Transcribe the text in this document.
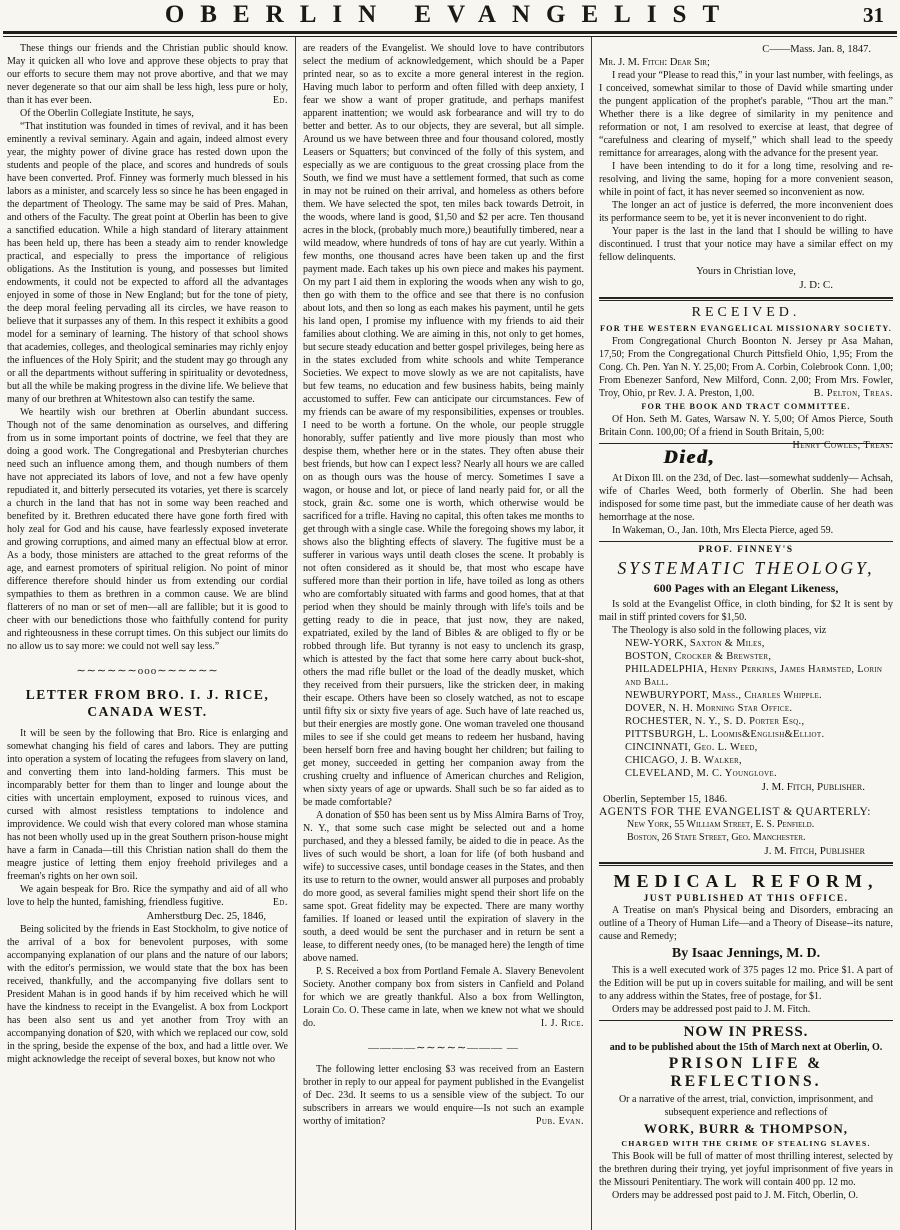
OBERLIN EVANGELIST	31

These things our friends and the Christian public should know. May it quicken all who love and approve these objects to pray that our efforts to secure them may not prove abortive, and that we may never degenerate so that our aim shall be less high, less pure or holy, than it has ever been.	Ed.

Of the Oberlin Collegiate Institute, he says,

“That institution was founded in times of revival, and it has been eminently a revival seminary. Again and again, indeed almost every year, the mighty power of divine grace has rested down upon the students and people of the place, and scores and hundreds of souls have been converted. Prof. Finney was formerly much blessed in his labors as a minister, and scarcely less so since he has been engaged in the department of Theology. The same may be said of Pres. Mahan, and others of the Faculty. The great point at Oberlin has been to give a sanctified education. While a high standard of literary attainment has been held up, there has been a steady aim to render knowledge practical, and especially to press the importance of religious obligations. As the Institution is young, and possesses but limited endowments, it could not be expected to afford all the advantages enjoyed in some of those in New England; but for the tone of piety, the deep moral feeling pervading all its circles, we have reason to believe that it surpasses any of them. In this respect it exhibits a good model for a seminary of learning. The history of that school shows that academies, colleges, and theological seminaries may richly enjoy the influences of the Holy Spirit; and the student may go through any or all the departments without suffering in spirituality or devotedness, but all the while be making progress in the divine life. We believe that many of our brethren at Whitestown also can testify the same.

We heartily wish our brethren at Oberlin abundant success. Though not of the same denomination as ourselves, and differing from us in some important points of doctrine, we feel that they are doing a good work. The Congregational and Presbyterian churches need such an influence among them, and though numbers of them have not appreciated its labors of love, and not a few have openly repudiated it, and bitterly persecuted its votaries, yet there is scarcely a church in the land that has not in some way been reached and benefited by it. Brethren educated there have gone forth fired with holy zeal for God and his cause, have fearlessly exposed inveterate and growing corruptions, and aimed many an effectual blow at error. As a body, those ministers are attached to the great reforms of the age, and earnest promoters of spiritual religion. No point of minor difference therefore should hinder us from extending our cordial sympathies to them as brethren in a common cause. We are blind flatterers of no man or set of men—all are fallible; but it is good to cheer with our benedictions those who faithfully contend for purity and righteousness in these corrupt times. On this subject our limits do no allow us to say more: we could not well say less.”

∼∼∼∼∼∼ooo∼∼∼∼∼∼
LETTER FROM BRO. I. J. RICE, CANADA WEST.

It will be seen by the following that Bro. Rice is enlarging and somewhat changing his field of cares and labors. They are putting into operation a system of locating the refugees from slavery on land, and converting them into land-holding farmers. This must be incomparably better for them than to linger and lounge about the cities with uncertain employment, exposed to ruinous vices, and cursed with almost resistless temptations to indolence and improvidence. We could wish that every colored man whose stamina has not been wholly used up in the great Southern prison-house might have a farm in Canada—till this Christian nation shall do them the meagre justice of letting them enjoy freehold privileges and a freeman's rights on her own soil.

We again bespeak for Bro. Rice the sympathy and aid of all who love to help the hunted, famishing, friendless fugitive.	Ed.

Amherstburg Dec. 25, 1846,

Being solicited by the friends in East Stockholm, to give notice of the arrival of a box for benevolent purposes, with some accompanying explanation of our plans and the nature of our labors; with the editor's permission, we would state that the box has been received, thankfully, and the accompanying five dollars sent to President Mahan is in good hands if by him received which he will have the kindness to receipt in the Evangelist. A box from Lockport has been also sent us and yet another from Troy with an accompanying donation of $20, with which we replaced our cow, sold in the spring, beside the expense of the box, and had a little over. We might acknowledge the receipt of several boxes, but know not who

are readers of the Evangelist. We should love to have contributors select the medium of acknowledgement, which should be a Paper printed near, so as to excite a more general interest in the region. Having much labor to perform and often filled with deep anxiety, I fear we show a want of proper gratitude, and perhaps manifest apparent inattention; we would ask forbearance and will try to do better and better. As to our objects, they are several, but all simple. Around us we have between three and four thousand colored, mostly Leasers or Squatters; but convinced of the folly of this system, and especially as we are contiguous to the great crossing place from the South, we find we must have a settlement formed, that such as come in may not be ruined on their arrival, and homeless as others before them. We have selected the spot, ten miles back towards Detroit, in the woods, where land is good, $1,50 and $2 per acre. Ten thousand acres in the block, (probably much more,) beautifully timbered, near a wild meadow, where hundreds of tons of hay are cut yearly. Within a few months, one thousand acres have been taken up and the first payment made. Each takes up his own piece and makes his payment. On my part I aid them in exploring the woods when any wish to go, then go with them to the office and see that there is no confusion about lots, and then so long as each makes his payment, until he gets his land open, I promise my influence with my friends to aid their families about clothing. We are aiming in this, not only to get homes, but secure steady education and better gospel privileges, being here as in the states excluded from white schools and white Temperance Societies. We expect to move slowly as we are not capitalists, have but few teams, no education and few business habits, being mainly accustomed to suffer. Few can anticipate our circumstances. Few of my friends can be aware of my responsibilities, expenses or troubles. I need to be worth a fortune. On the whole, our people struggle honorably, suffer patiently and live more piously than most who despise them, whether here or in the states. They often abuse their best friends, but how can I expect less? Nearly all hours we are called on as though ours was the house of mercy. Sometimes I save a wagon, or house and lot, or piece of land nearly paid for, or all the stock, grain &c. some one is worth, which otherwise would be sacrificed for a trifle. Having no capital, this often takes me months to get through with a single case. While the foregoing shows my labor, it shows also the blighting effects of slavery. The fugitive must be a sufferer in various ways until death closes the scene. It probably is not often considered as it should be, that most who escape have suffered more than their portion in life, have toiled as long as others who are comfortably situated with farms and good homes, that at that period when they should be mainly through with life's toils and be getting ready to die in peace, that just now, they are naked, expatriated, exiled by the land of Bibles & are obliged to fly or be robbed through life. But tyranny is not easy to unclench its grasp, which is attested by the fact that some here carry about buck-shot, others the mad rifle bullet or the load of the deadly musket, which they received from their pursuers, like the stricken deer, in making their escape. Others have been so closely watched, as not to escape until fifty six or sixty five years of age. Such have of late reached us, but their energies are mostly gone. One woman traveled one thousand miles to see if she could get means to redeem her husband, having been herself born free and having bought her children; but failing to get money, succeeded in getting her companion away from the crushing cruelty and influence of American churches and Religion, when sixty years of age or upwards. Shall such be so far aided as to be made comfortable?

A donation of $50 has been sent us by Miss Almira Barns of Troy, N. Y., that some such case might be selected out and a home purchased, and they a blessed family, be aided to die in peace. As the lives of such would be short, a loan for life (of both husband and wife) to successive cases, until bondage ceases in the States, and then its use to return to the owner, would answer all purposes and probably do more good, as several families might spend their short life on the same spot. Great fidelity may be expected. There are many worthy families. If loaned or leased until the expiration of slavery in the south, a deed would be sent the purchaser and in return be sent a lease, to different needy ones, (to be managed here) the length of time above named.

P. S. Received a box from Portland Female A. Slavery Benevolent Society. Another company box from sisters in Canfield and Poland for which we are greatly thankful. Also a box from Wellington, Lorain Co. O. These came in late, when we knew not what we should do.	I. J. Rice.

————∼∼∼∼∼——— —

The following letter enclosing $3 was received from an Eastern brother in reply to our appeal for payment published in the Evangelist of Dec. 23d. It seems to us a sensible view of the subject. To our subscribers in arrears we would enquire—Is not such an example worthy of imitation?	Pub. Evan.

C——Mass. Jan. 8, 1847.

Mr. J. M. Fitch: Dear Sir;

I read your “Please to read this,” in your last number, with feelings, as I conceived, somewhat similar to those of David while smarting under the pungent application of the prophet's parable, “Thou art the man.” Whether there is a like degree of similarity in my penitence and reformation or not, I am resolved to exercise at least, that degree of “carefulness and clearing of myself,” which shall lead to the speedy remittance for arrearages, along with the advance for the present year.

I have been intending to do it for a long time, resolving and re-resolving, and living the same, hoping for a more convenient season, while in point of fact, it has never seemed so inconvenient as now.

The longer an act of justice is deferred, the more inconvenient does its performance seem to be, yet it is never inconvenient to do right.

Your paper is the last in the land that I should be willing to have discontinued. I trust that your notice may have a similar effect on my fellow delinquents.

Yours in Christian love,

J. D: C.

RECEIVED.
FOR THE WESTERN EVANGELICAL MISSIONARY SOCIETY.

From Congregational Church Boonton N. Jersey pr Asa Mahan, 17,50; From the Congregational Church Pittsfield Ohio, 1,95; From the Cong. Ch. Pen. Yan N. Y. 25,00; From A. Corbin, Colebrook Conn. 1,00; From Ebenezer Sanford, New Milford, Conn. 2,00; From Mrs. Fowler, Troy, Ohio, pr Rev. J. A. Preston, 1,00.	B. Pelton, Treas.

FOR THE BOOK AND TRACT COMMITTEE.

Of Hon. Seth M. Gates, Warsaw N. Y. 5,00; Of Amos Pierce, South Britain Conn. 100,00; Of a friend in South Britain, 5,00:
Henry Cowles, Treas.

Died,

At Dixon Ill. on the 23d, of Dec. last—somewhat suddenly— Achsah, wife of Charles Weed, both formerly of Oberlin. She had been indisposed for some time past, but the immediate cause of her death was hemorrhage at the nose.

In Wakeman, O., Jan. 10th, Mrs Electa Pierce, aged 59.

PROF. FINNEY'S
SYSTEMATIC THEOLOGY,
600 Pages with an Elegant Likeness,

Is sold at the Evangelist Office, in cloth binding, for $2 It is sent by mail in stiff printed covers for $1,50.

The Theology is also sold in the following places, viz

NEW-YORK, Saxton & Miles,
BOSTON, Crocker & Brewster,
PHILADELPHIA, Henry Perkins, James Harmsted, Lorin and Ball.
NEWBURYPORT, Mass., Charles Whipple.
DOVER, N. H. Morning Star Office.
ROCHESTER, N. Y., S. D. Porter Esq.,
PITTSBURGH, L. Loomis&English&Elliot.
CINCINNATI, Geo. L. Weed,
CHICAGO, J. B. Walker,
CLEVELAND, M. C. Younglove.
J. M. Fitch, Publisher.
Oberlin, September 15, 1846.
AGENTS FOR THE EVANGELIST & QUARTERLY:
New York, 55 William Street, E. S. Penfield.
Boston, 26 State Street, Geo. Manchester.
J. M. Fitch, Publisher
MEDICAL REFORM,
JUST PUBLISHED AT THIS OFFICE.

A Treatise on man's Physical being and Disorders, embracing an outline of a Theory of Human Life—and a Theory of Disease--its nature, cause and Remedy;

By Isaac Jennings, M. D.

This is a well executed work of 375 pages 12 mo. Price $1. A part of the Edition will be put up in covers suitable for mailing, and will be sent to any address within the States, free of postage, for $1.

Orders may be addressed post paid to J. M. Fitch.

NOW IN PRESS.
and to be published about the 15th of March next at Oberlin, O.
PRISON LIFE & REFLECTIONS.

Or a narrative of the arrest, trial, conviction, imprisonment, and subsequent experience and reflections of

WORK, BURR & THOMPSON,
CHARGED WITH THE CRIME OF STEALING SLAVES.

This Book will be full of matter of most thrilling interest, selected by the brethren during their trying, yet joyful imprisonment of five years in the Missouri Penitentiary. The work will contain 400 pp. 12 mo.

Orders may be addressed post paid to J. M. Fitch, Oberlin, O.
